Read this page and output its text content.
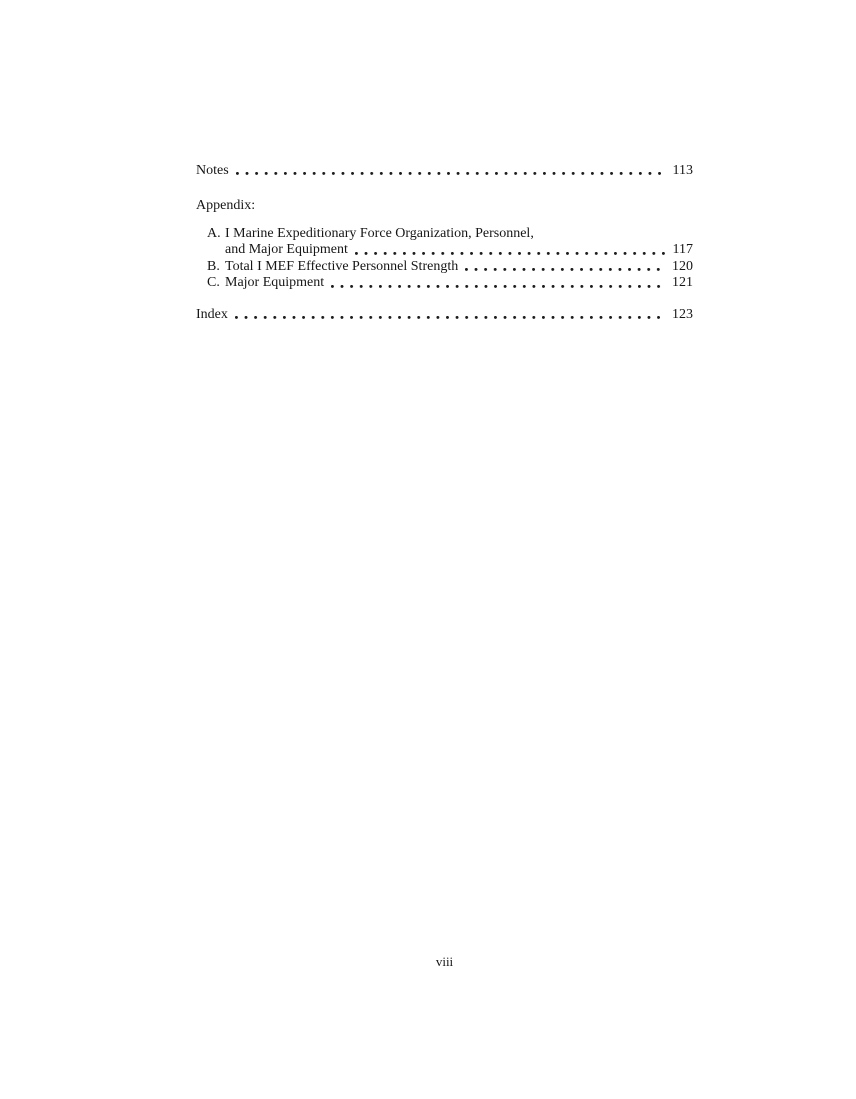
Notes	113
Appendix:
A. I Marine Expeditionary Force Organization, Personnel,
and Major Equipment	117
B. Total I MEF Effective Personnel Strength	120
C. Major Equipment	121
Index	123
viii
